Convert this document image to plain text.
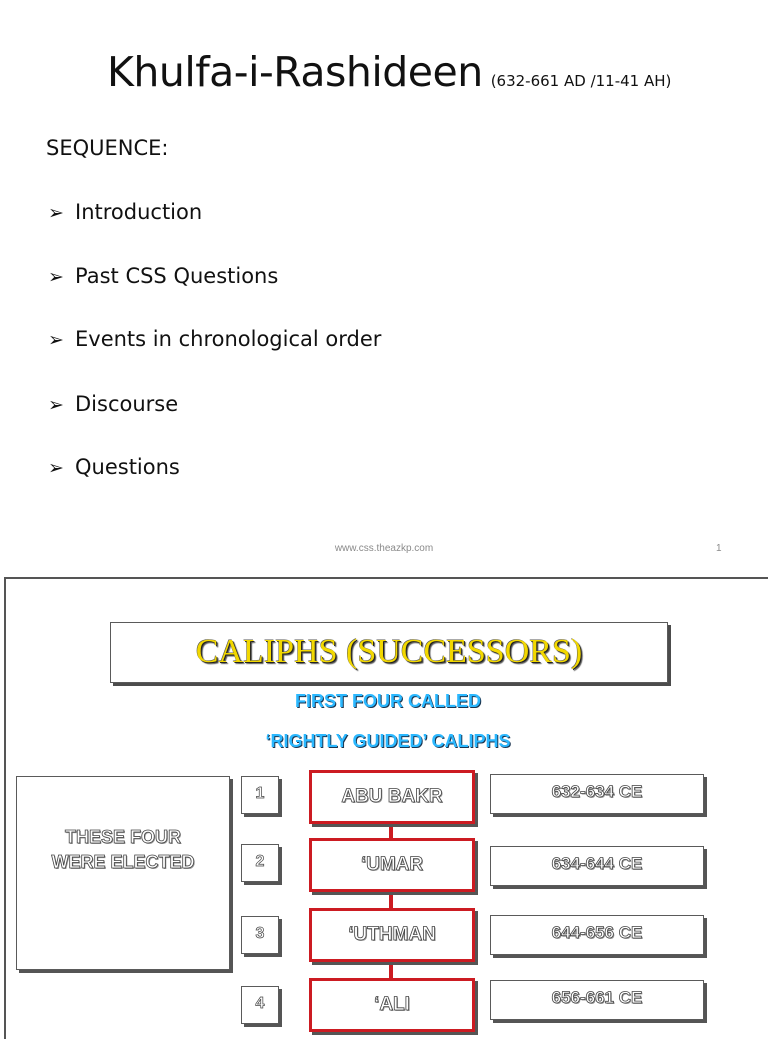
Khulfa-i-Rashideen (632-661 AD /11-41 AH)
SEQUENCE:
➢ Introduction
➢ Past CSS Questions
➢ Events in chronological order
➢ Discourse
➢ Questions
www.css.theazkp.com	1
CALIPHS (SUCCESSORS)
FIRST FOUR CALLED
‘RIGHTLY GUIDED’ CALIPHS
THESE FOUR
WERE ELECTED
1	ABU BAKR	632-634 CE
2	‘UMAR	634-644 CE
3	‘UTHMAN	644-656 CE
4	‘ALI	656-661 CE
